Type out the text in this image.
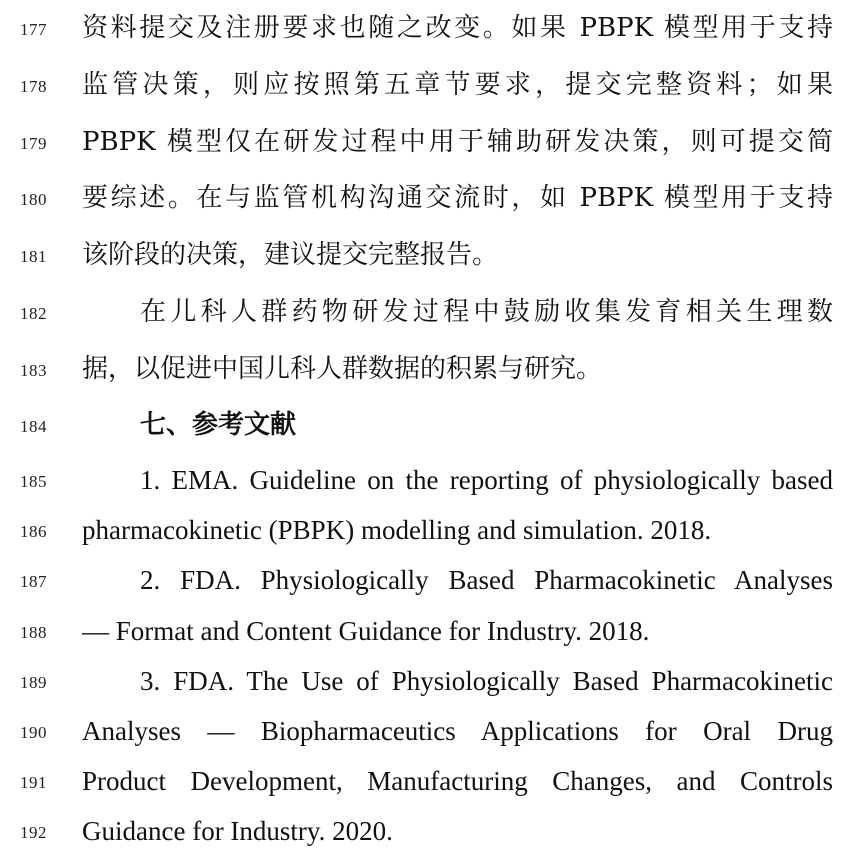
177 资料提交及注册要求也随之改变。如果 PBPK 模型用于支持
178 监管决策，则应按照第五章节要求，提交完整资料；如果
179 PBPK 模型仅在研发过程中用于辅助研发决策，则可提交简
180 要综述。在与监管机构沟通交流时，如 PBPK 模型用于支持
181 该阶段的决策，建议提交完整报告。
182	在儿科人群药物研发过程中鼓励收集发育相关生理数
183 据，以促进中国儿科人群数据的积累与研究。
184	七、参考文献
185	1. EMA. Guideline on the reporting of physiologically based
186 pharmacokinetic (PBPK) modelling and simulation. 2018.
187	2. FDA. Physiologically Based Pharmacokinetic Analyses
188 — Format and Content Guidance for Industry. 2018.
189	3. FDA. The Use of Physiologically Based Pharmacokinetic
190 Analyses — Biopharmaceutics Applications for Oral Drug
191 Product Development, Manufacturing Changes, and Controls
192 Guidance for Industry. 2020.
